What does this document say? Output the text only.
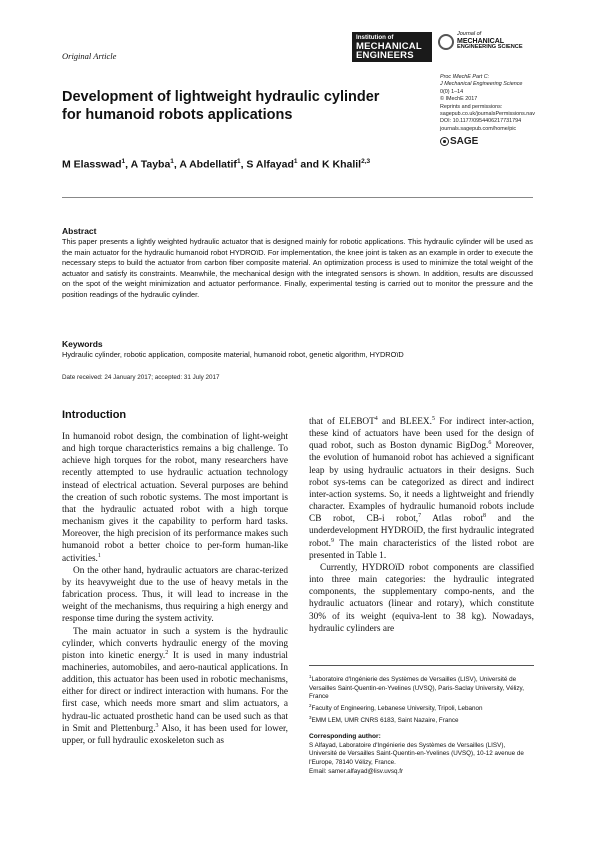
Original Article
Institution of
MECHANICAL
ENGINEERS
Journal of
MECHANICAL
ENGINEERING SCIENCE
Development of lightweight hydraulic cylinder for humanoid robots applications
M Elasswad$^1$, A Tayba$^1$, A Abdellatif$^1$, S Alfayad$^1$ and K Khalil$^{2,3}$
Proc IMechE Part C:
J Mechanical Engineering Science
0(0) 1–14
© IMechE 2017
Reprints and permissions:
sagepub.co.uk/journalsPermissions.nav
DOI: 10.1177/0954406217731794
journals.sagepub.com/home/pic
SAGE
Abstract
This paper presents a lightly weighted hydraulic actuator that is designed mainly for robotic applications. This hydraulic cylinder will be used as the main actuator for the hydraulic humanoid robot HYDROïD. For implementation, the knee joint is taken as an example in order to execute the necessary steps to build the actuator from carbon fiber composite material. An optimization process is used to minimize the total weight of the actuator and satisfy its constraints. Meanwhile, the mechanical design with the integrated sensors is shown. In addition, results are discussed on the spot of the weight minimization and actuator performance. Finally, experimental testing is carried out to monitor the pressure and the position readings of the hydraulic cylinder.
Keywords
Hydraulic cylinder, robotic application, composite material, humanoid robot, genetic algorithm, HYDROïD
Date received: 24 January 2017; accepted: 31 July 2017
Introduction

In humanoid robot design, the combination of light-weight and high torque characteristics remains a big challenge. To achieve high torques for the robot, many researchers have recently attempted to use hydraulic actuation technology instead of electrical actuation. Several purposes are behind the creation of such robotic systems. The most important is that the hydraulic actuated robot with a high torque mechanism gives it the capability to perform hard tasks. Moreover, the high precision of its performance makes such humanoid robot a better choice to per-form human-like activities.$^1$

On the other hand, hydraulic actuators are charac-terized by its heavyweight due to the use of heavy metals in the fabrication process. Thus, it will lead to increase in the weight of the mechanisms, thus requiring a high energy and response time during the system activity.

The main actuator in such a system is the hydraulic cylinder, which converts hydraulic energy of the moving piston into kinetic energy.$^2$ It is used in many industrial machineries, automobiles, and aero-nautical applications. In addition, this actuator has been used in robotic mechanisms, either for direct or indirect interaction with humans. For the first case, which needs more smart and slim actuators, a hydrau-lic actuated prosthetic hand can be used such as that in Smit and Plettenburg.$^3$ Also, it has been used for lower, upper, or full hydraulic exoskeleton such as

that of ELEBOT$^4$ and BLEEX.$^5$ For indirect inter-action, these kind of actuators have been used for the design of quad robot, such as Boston dynamic BigDog.$^6$ Moreover, the evolution of humanoid robot has achieved a significant leap by using hydraulic actuators in their designs. Such robot sys-tems can be categorized as direct and indirect inter-action systems. So, it needs a lightweight and friendly character. Examples of hydraulic humanoid robots include CB robot, CB-i robot,$^7$ Atlas robot$^8$ and the underdevelopment HYDROïD, the first hydraulic integrated robot.$^9$ The main characteristics of the listed robot are presented in Table 1.

Currently, HYDROïD robot components are classified into three main categories: the hydraulic integrated components, the supplementary compo-nents, and the hydraulic actuators (linear and rotary), which constitute 30% of its weight (equiva-lent to 38 kg). Nowadays, hydraulic cylinders are

$^1$Laboratoire d'Ingénierie des Systèmes de Versailles (LISV), Université de Versailles Saint-Quentin-en-Yvelines (UVSQ), Paris-Saclay University, Vélizy, France

$^2$Faculty of Engineering, Lebanese University, Tripoli, Lebanon

$^3$EMM LEM, UMR CNRS 6183, Saint Nazaire, France

Corresponding author:
S Alfayad, Laboratoire d'Ingénierie des Systèmes de Versailles (LISV), Université de Versailles Saint-Quentin-en-Yvelines (UVSQ), 10-12 avenue de l'Europe, 78140 Vélizy, France.
Email: samer.alfayad@lisv.uvsq.fr
